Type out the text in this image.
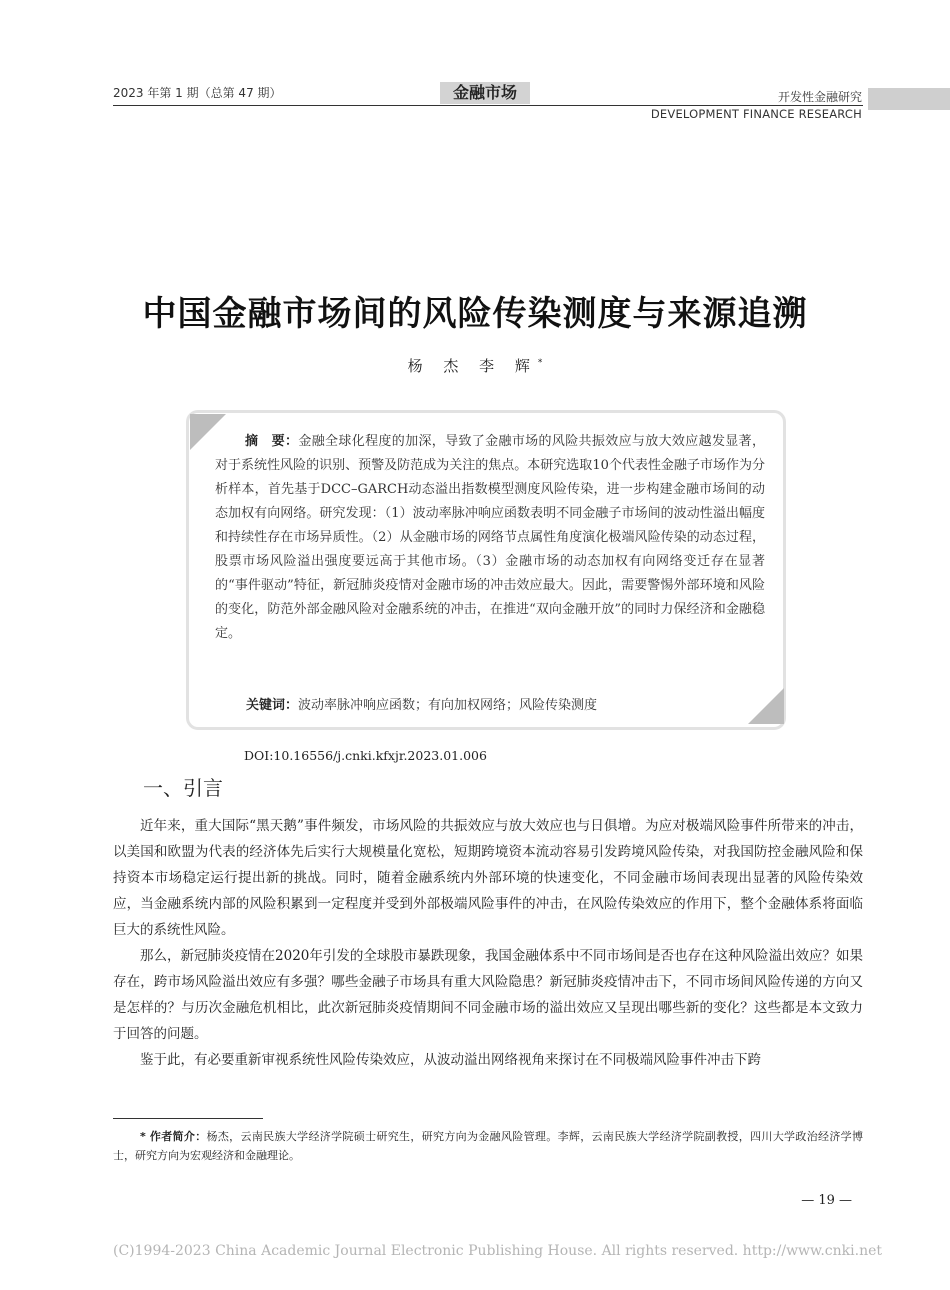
2023 年第 1 期（总第 47 期）	金融市场	开发性金融研究
DEVELOPMENT FINANCE RESEARCH
中国金融市场间的风险传染测度与来源追溯
杨 杰 李 辉*
摘　要：金融全球化程度的加深，导致了金融市场的风险共振效应与放大效应越发显著，对于系统性风险的识别、预警及防范成为关注的焦点。本研究选取10个代表性金融子市场作为分析样本，首先基于DCC–GARCH动态溢出指数模型测度风险传染，进一步构建金融市场间的动态加权有向网络。研究发现：（1）波动率脉冲响应函数表明不同金融子市场间的波动性溢出幅度和持续性存在市场异质性。（2）从金融市场的网络节点属性角度演化极端风险传染的动态过程，股票市场风险溢出强度要远高于其他市场。（3）金融市场的动态加权有向网络变迁存在显著的“事件驱动”特征，新冠肺炎疫情对金融市场的冲击效应最大。因此，需要警惕外部环境和风险的变化，防范外部金融风险对金融系统的冲击，在推进“双向金融开放”的同时力保经济和金融稳定。
关键词：波动率脉冲响应函数；有向加权网络；风险传染测度
DOI:10.16556/j.cnki.kfxjr.2023.01.006
一、引言

近年来，重大国际“黑天鹅”事件频发，市场风险的共振效应与放大效应也与日俱增。为应对极端风险事件所带来的冲击，以美国和欧盟为代表的经济体先后实行大规模量化宽松，短期跨境资本流动容易引发跨境风险传染，对我国防控金融风险和保持资本市场稳定运行提出新的挑战。同时，随着金融系统内外部环境的快速变化，不同金融市场间表现出显著的风险传染效应，当金融系统内部的风险积累到一定程度并受到外部极端风险事件的冲击，在风险传染效应的作用下，整个金融体系将面临巨大的系统性风险。

那么，新冠肺炎疫情在2020年引发的全球股市暴跌现象，我国金融体系中不同市场间是否也存在这种风险溢出效应？如果存在，跨市场风险溢出效应有多强？哪些金融子市场具有重大风险隐患？新冠肺炎疫情冲击下，不同市场间风险传递的方向又是怎样的？与历次金融危机相比，此次新冠肺炎疫情期间不同金融市场的溢出效应又呈现出哪些新的变化？这些都是本文致力于回答的问题。

鉴于此，有必要重新审视系统性风险传染效应，从波动溢出网络视角来探讨在不同极端风险事件冲击下跨

* 作者简介：杨杰，云南民族大学经济学院硕士研究生，研究方向为金融风险管理。李辉，云南民族大学经济学院副教授，四川大学政治经济学博士，研究方向为宏观经济和金融理论。
— 19 —
(C)1994-2023 China Academic Journal Electronic Publishing House. All rights reserved. http://www.cnki.net
